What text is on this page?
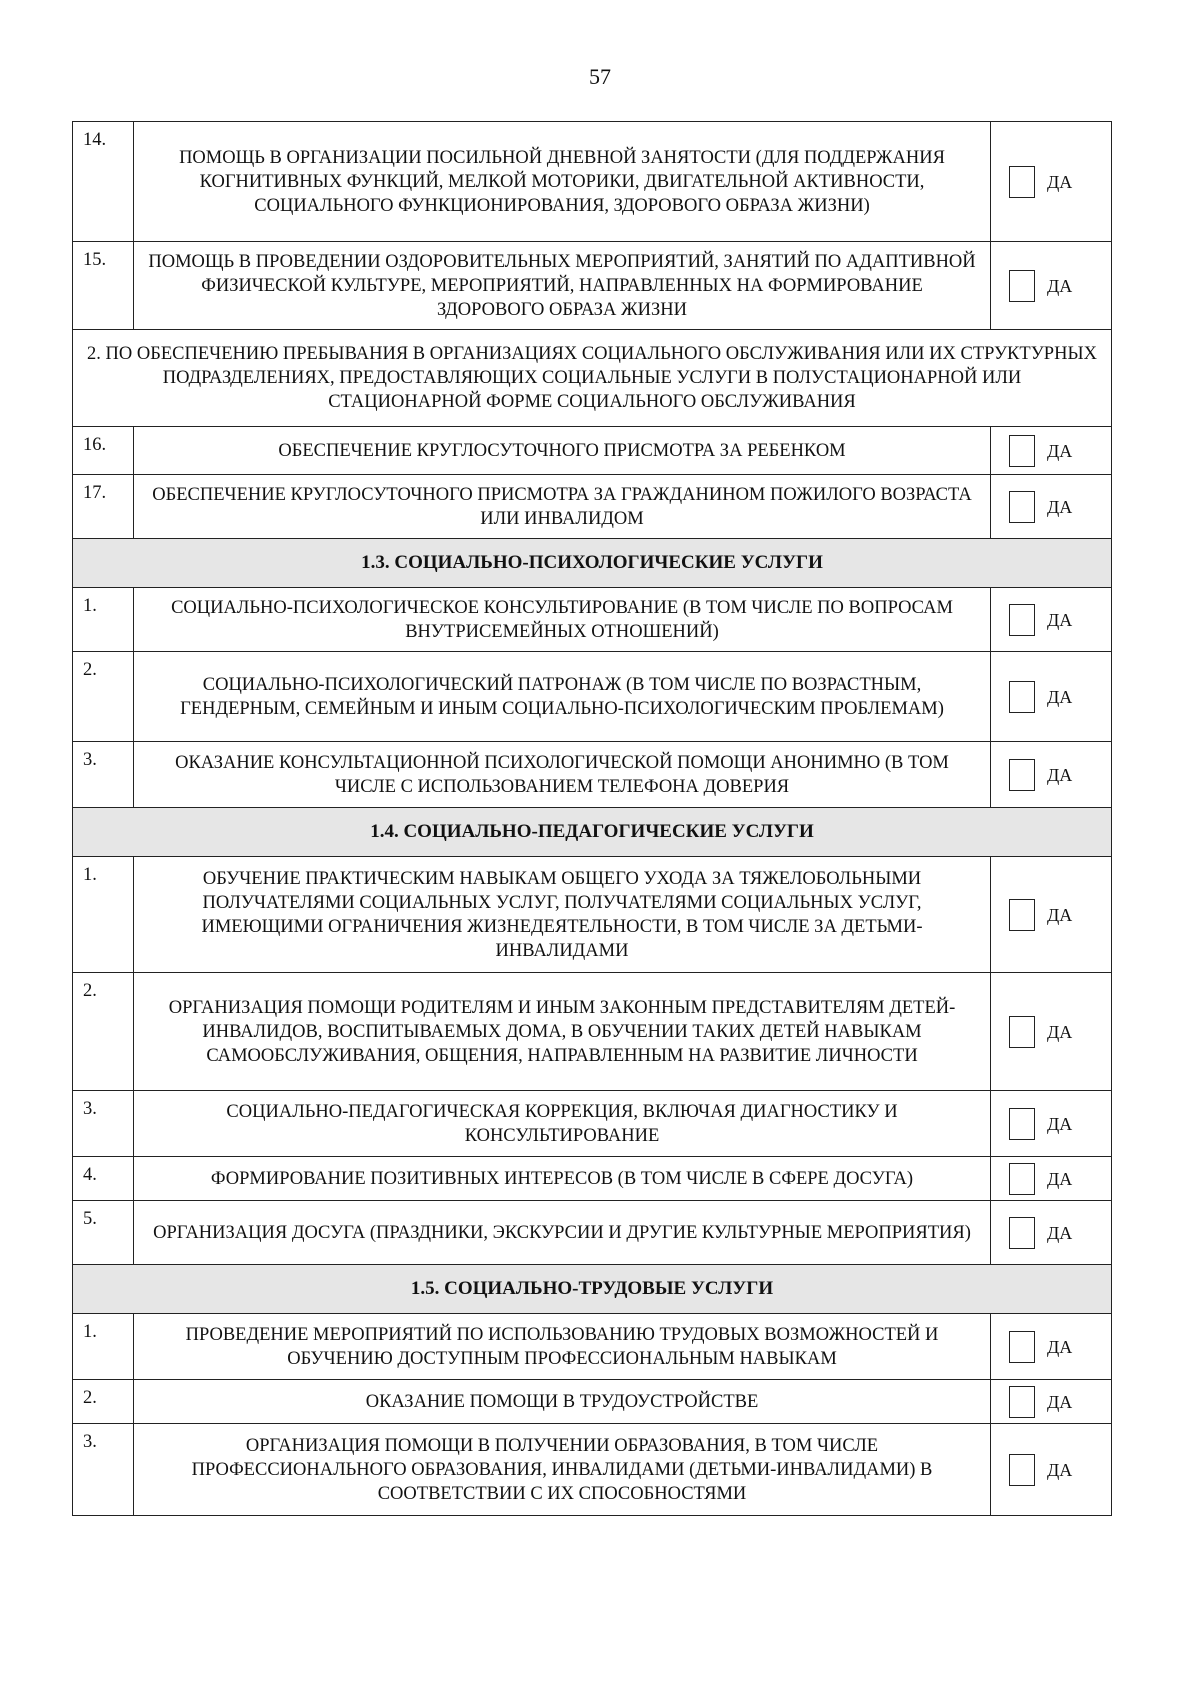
57
14.	ПОМОЩЬ В ОРГАНИЗАЦИИ ПОСИЛЬНОЙ ДНЕВНОЙ ЗАНЯТОСТИ (ДЛЯ ПОДДЕРЖАНИЯ КОГНИТИВНЫХ ФУНКЦИЙ, МЕЛКОЙ МОТОРИКИ, ДВИГАТЕЛЬНОЙ АКТИВНОСТИ, СОЦИАЛЬНОГО ФУНКЦИОНИРОВАНИЯ, ЗДОРОВОГО ОБРАЗА ЖИЗНИ)	ДА

15.	ПОМОЩЬ В ПРОВЕДЕНИИ ОЗДОРОВИТЕЛЬНЫХ МЕРОПРИЯТИЙ, ЗАНЯТИЙ ПО АДАПТИВНОЙ ФИЗИЧЕСКОЙ КУЛЬТУРЕ, МЕРОПРИЯТИЙ, НАПРАВЛЕННЫХ НА ФОРМИРОВАНИЕ ЗДОРОВОГО ОБРАЗА ЖИЗНИ	ДА

2. ПО ОБЕСПЕЧЕНИЮ ПРЕБЫВАНИЯ В ОРГАНИЗАЦИЯХ СОЦИАЛЬНОГО ОБСЛУЖИВАНИЯ ИЛИ ИХ СТРУКТУРНЫХ ПОДРАЗДЕЛЕНИЯХ, ПРЕДОСТАВЛЯЮЩИХ СОЦИАЛЬНЫЕ УСЛУГИ В ПОЛУСТАЦИОНАРНОЙ ИЛИ СТАЦИОНАРНОЙ ФОРМЕ СОЦИАЛЬНОГО ОБСЛУЖИВАНИЯ		
16.	ОБЕСПЕЧЕНИЕ КРУГЛОСУТОЧНОГО ПРИСМОТРА ЗА РЕБЕНКОМ	ДА

17.	ОБЕСПЕЧЕНИЕ КРУГЛОСУТОЧНОГО ПРИСМОТРА ЗА ГРАЖДАНИНОМ ПОЖИЛОГО ВОЗРАСТА ИЛИ ИНВАЛИДОМ	ДА

1.3. СОЦИАЛЬНО-ПСИХОЛОГИЧЕСКИЕ УСЛУГИ		
1.	СОЦИАЛЬНО-ПСИХОЛОГИЧЕСКОЕ КОНСУЛЬТИРОВАНИЕ (В ТОМ ЧИСЛЕ ПО ВОПРОСАМ ВНУТРИСЕМЕЙНЫХ ОТНОШЕНИЙ)	ДА

2.	СОЦИАЛЬНО-ПСИХОЛОГИЧЕСКИЙ ПАТРОНАЖ (В ТОМ ЧИСЛЕ ПО ВОЗРАСТНЫМ, ГЕНДЕРНЫМ, СЕМЕЙНЫМ И ИНЫМ СОЦИАЛЬНО-ПСИХОЛОГИЧЕСКИМ ПРОБЛЕМАМ)	ДА

3.	ОКАЗАНИЕ КОНСУЛЬТАЦИОННОЙ ПСИХОЛОГИЧЕСКОЙ ПОМОЩИ АНОНИМНО (В ТОМ ЧИСЛЕ С ИСПОЛЬЗОВАНИЕМ ТЕЛЕФОНА ДОВЕРИЯ	ДА

1.4. СОЦИАЛЬНО-ПЕДАГОГИЧЕСКИЕ УСЛУГИ		
1.	ОБУЧЕНИЕ ПРАКТИЧЕСКИМ НАВЫКАМ ОБЩЕГО УХОДА ЗА ТЯЖЕЛОБОЛЬНЫМИ ПОЛУЧАТЕЛЯМИ СОЦИАЛЬНЫХ УСЛУГ, ПОЛУЧАТЕЛЯМИ СОЦИАЛЬНЫХ УСЛУГ, ИМЕЮЩИМИ ОГРАНИЧЕНИЯ ЖИЗНЕДЕЯТЕЛЬНОСТИ, В ТОМ ЧИСЛЕ ЗА ДЕТЬМИ-ИНВАЛИДАМИ	ДА

2.	ОРГАНИЗАЦИЯ ПОМОЩИ РОДИТЕЛЯМ И ИНЫМ ЗАКОННЫМ ПРЕДСТАВИТЕЛЯМ ДЕТЕЙ-ИНВАЛИДОВ, ВОСПИТЫВАЕМЫХ ДОМА, В ОБУЧЕНИИ ТАКИХ ДЕТЕЙ НАВЫКАМ САМООБСЛУЖИВАНИЯ, ОБЩЕНИЯ, НАПРАВЛЕННЫМ НА РАЗВИТИЕ ЛИЧНОСТИ	ДА

3.	СОЦИАЛЬНО-ПЕДАГОГИЧЕСКАЯ КОРРЕКЦИЯ, ВКЛЮЧАЯ ДИАГНОСТИКУ И КОНСУЛЬТИРОВАНИЕ	ДА

4.	ФОРМИРОВАНИЕ ПОЗИТИВНЫХ ИНТЕРЕСОВ (В ТОМ ЧИСЛЕ В СФЕРЕ ДОСУГА)	ДА

5.	ОРГАНИЗАЦИЯ ДОСУГА (ПРАЗДНИКИ, ЭКСКУРСИИ И ДРУГИЕ КУЛЬТУРНЫЕ МЕРОПРИЯТИЯ)	ДА

1.5. СОЦИАЛЬНО-ТРУДОВЫЕ УСЛУГИ		
1.	ПРОВЕДЕНИЕ МЕРОПРИЯТИЙ ПО ИСПОЛЬЗОВАНИЮ ТРУДОВЫХ ВОЗМОЖНОСТЕЙ И ОБУЧЕНИЮ ДОСТУПНЫМ ПРОФЕССИОНАЛЬНЫМ НАВЫКАМ	ДА

2.	ОКАЗАНИЕ ПОМОЩИ В ТРУДОУСТРОЙСТВЕ	ДА

3.	ОРГАНИЗАЦИЯ ПОМОЩИ В ПОЛУЧЕНИИ ОБРАЗОВАНИЯ, В ТОМ ЧИСЛЕ ПРОФЕССИОНАЛЬНОГО ОБРАЗОВАНИЯ, ИНВАЛИДАМИ (ДЕТЬМИ-ИНВАЛИДАМИ) В СООТВЕТСТВИИ С ИХ СПОСОБНОСТЯМИ	ДА
